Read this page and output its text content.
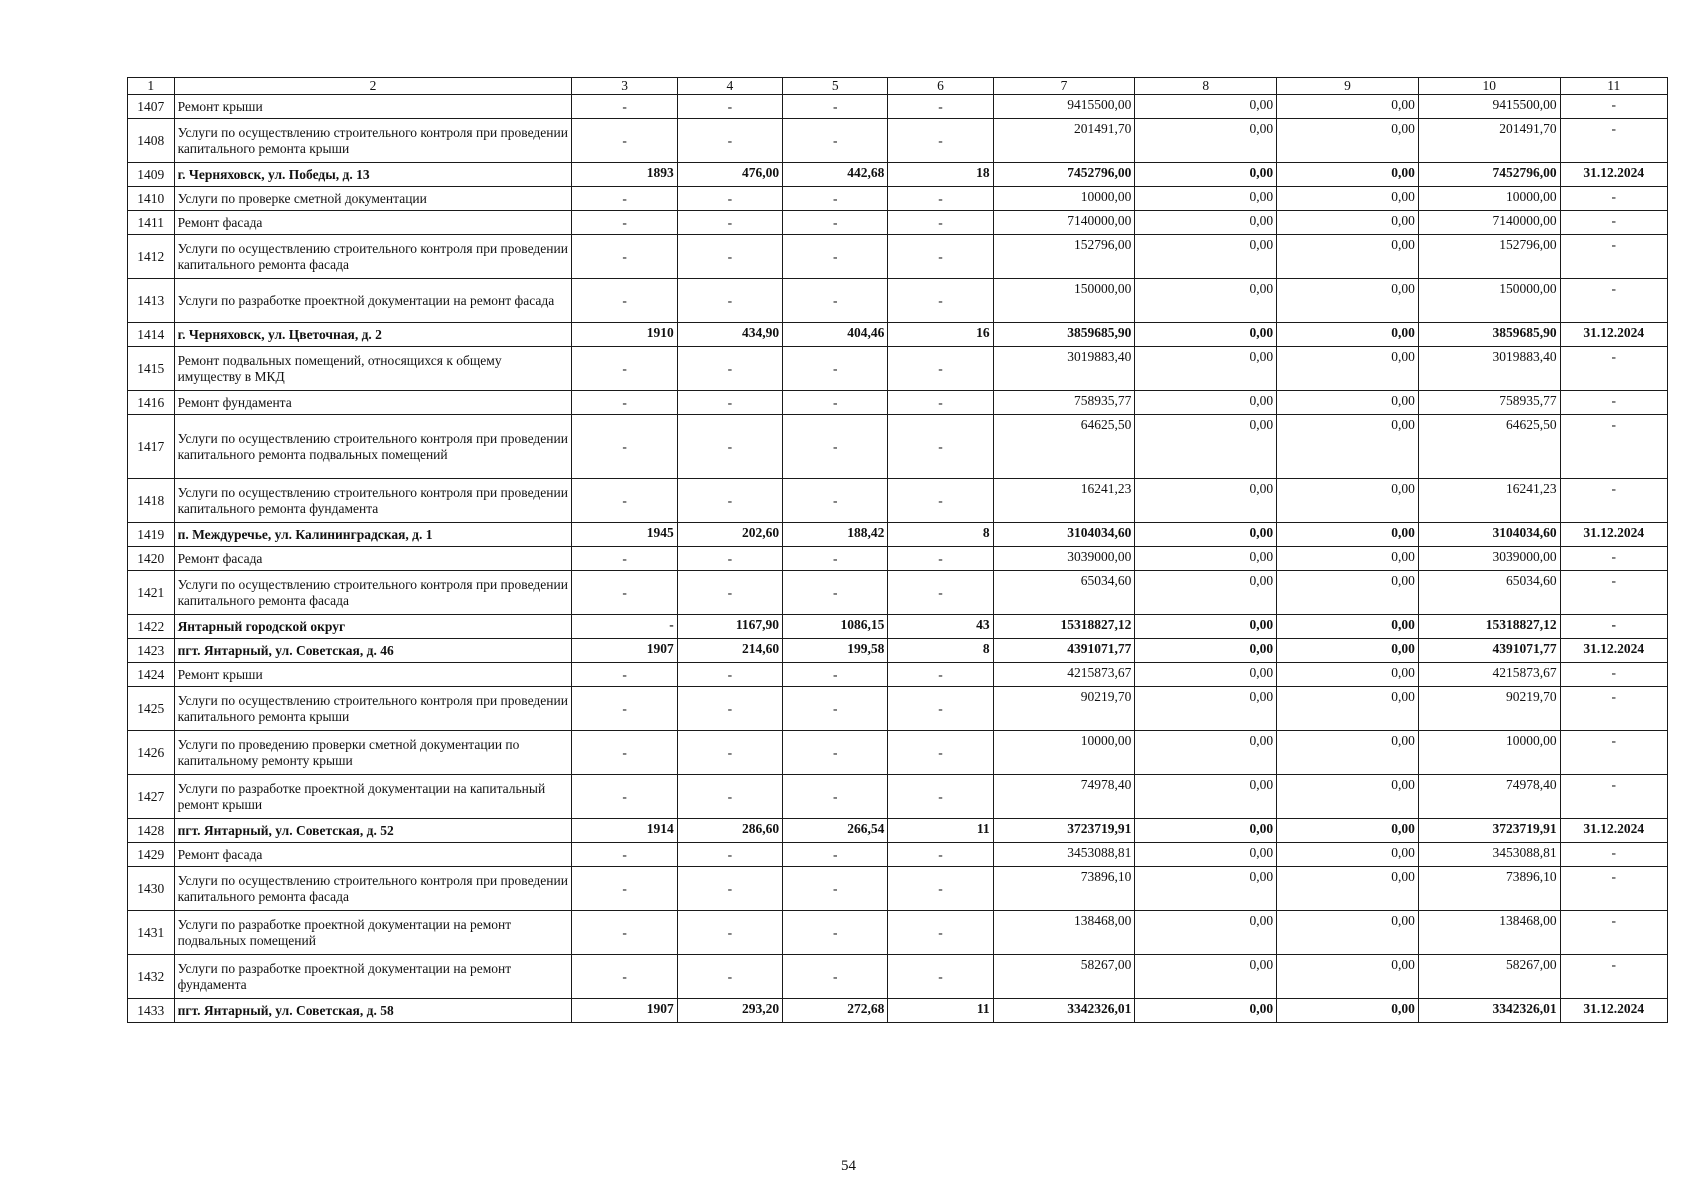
1	2	3	4	5	6	7	8	9	10	11
1407	Ремонт крыши	-	-	-	-	9415500,00	0,00	0,00	9415500,00	-
1408	Услуги по осуществлению строительного контроля при проведении капитального ремонта крыши	-	-	-	-	201491,70	0,00	0,00	201491,70	-
1409	г. Черняховск, ул. Победы, д. 13	1893	476,00	442,68	18	7452796,00	0,00	0,00	7452796,00	31.12.2024
1410	Услуги по проверке сметной документации	-	-	-	-	10000,00	0,00	0,00	10000,00	-
1411	Ремонт фасада	-	-	-	-	7140000,00	0,00	0,00	7140000,00	-
1412	Услуги по осуществлению строительного контроля при проведении капитального ремонта фасада	-	-	-	-	152796,00	0,00	0,00	152796,00	-
1413	Услуги по разработке проектной документации на ремонт фасада	-	-	-	-	150000,00	0,00	0,00	150000,00	-
1414	г. Черняховск, ул. Цветочная, д. 2	1910	434,90	404,46	16	3859685,90	0,00	0,00	3859685,90	31.12.2024
1415	Ремонт подвальных помещений, относящихся к общему имуществу в МКД	-	-	-	-	3019883,40	0,00	0,00	3019883,40	-
1416	Ремонт фундамента	-	-	-	-	758935,77	0,00	0,00	758935,77	-
1417	Услуги по осуществлению строительного контроля при проведении капитального ремонта подвальных помещений	-	-	-	-	64625,50	0,00	0,00	64625,50	-
1418	Услуги по осуществлению строительного контроля при проведении капитального ремонта фундамента	-	-	-	-	16241,23	0,00	0,00	16241,23	-
1419	п. Междуречье, ул. Калининградская, д. 1	1945	202,60	188,42	8	3104034,60	0,00	0,00	3104034,60	31.12.2024
1420	Ремонт фасада	-	-	-	-	3039000,00	0,00	0,00	3039000,00	-
1421	Услуги по осуществлению строительного контроля при проведении капитального ремонта фасада	-	-	-	-	65034,60	0,00	0,00	65034,60	-
1422	Янтарный городской округ	-	1167,90	1086,15	43	15318827,12	0,00	0,00	15318827,12	-
1423	пгт. Янтарный, ул. Советская, д. 46	1907	214,60	199,58	8	4391071,77	0,00	0,00	4391071,77	31.12.2024
1424	Ремонт крыши	-	-	-	-	4215873,67	0,00	0,00	4215873,67	-
1425	Услуги по осуществлению строительного контроля при проведении капитального ремонта крыши	-	-	-	-	90219,70	0,00	0,00	90219,70	-
1426	Услуги по проведению проверки сметной документации по капитальному ремонту крыши	-	-	-	-	10000,00	0,00	0,00	10000,00	-
1427	Услуги по разработке проектной документации на капитальный ремонт крыши	-	-	-	-	74978,40	0,00	0,00	74978,40	-
1428	пгт. Янтарный, ул. Советская, д. 52	1914	286,60	266,54	11	3723719,91	0,00	0,00	3723719,91	31.12.2024
1429	Ремонт фасада	-	-	-	-	3453088,81	0,00	0,00	3453088,81	-
1430	Услуги по осуществлению строительного контроля при проведении капитального ремонта фасада	-	-	-	-	73896,10	0,00	0,00	73896,10	-
1431	Услуги по разработке проектной документации на ремонт подвальных помещений	-	-	-	-	138468,00	0,00	0,00	138468,00	-
1432	Услуги по разработке проектной документации на ремонт фундамента	-	-	-	-	58267,00	0,00	0,00	58267,00	-
1433	пгт. Янтарный, ул. Советская, д. 58	1907	293,20	272,68	11	3342326,01	0,00	0,00	3342326,01	31.12.2024
54
